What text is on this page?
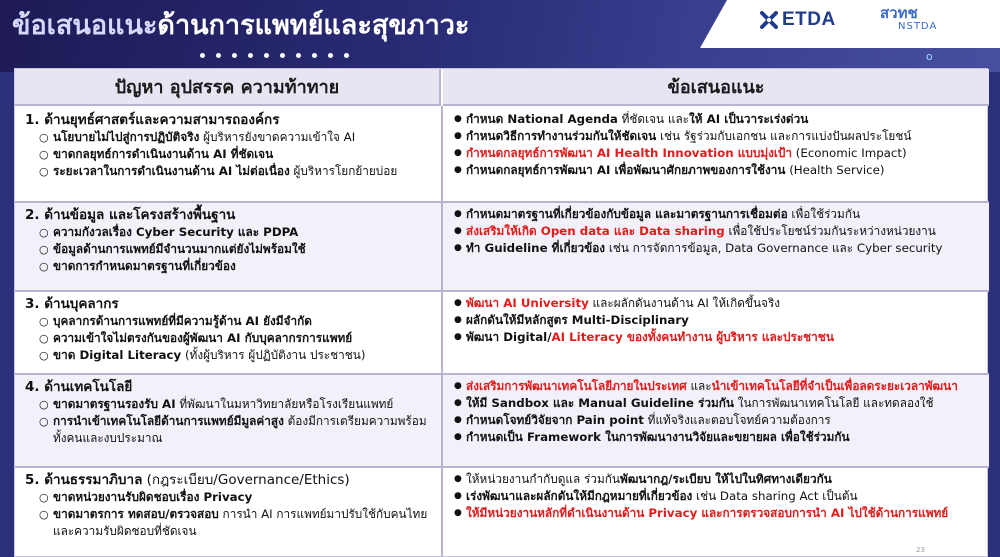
ข้อเสนอแนะด้านการแพทย์และสุขภาวะ
o
ETDA	สวทช
NSTDA
ปัญหา อุปสรรค ความท้าทาย	ข้อเสนอแนะ
1. ด้านยุทธ์ศาสตร์และความสามารถองค์กร
○ นโยบายไม่ไปสู่การปฏิบัติจริง ผู้บริหารยังขาดความเข้าใจ AI
○ ขาดกลยุทธ์การดำเนินงานด้าน AI ที่ชัดเจน
○ ระยะเวลาในการดำเนินงานด้าน AI ไม่ต่อเนื่อง ผู้บริหารโยกย้ายบ่อย
● กำหนด National Agenda ที่ชัดเจน และให้ AI เป็นวาระเร่งด่วน
● กำหนดวิธีการทำงานร่วมกันให้ชัดเจน เช่น รัฐร่วมกับเอกชน และการแบ่งปันผลประโยชน์
● กำหนดกลยุทธ์การพัฒนา AI Health Innovation แบบมุ่งเป้า (Economic Impact)
● กำหนดกลยุทธ์การพัฒนา AI เพื่อพัฒนาศักยภาพของการใช้งาน (Health Service)
2. ด้านข้อมูล และโครงสร้างพื้นฐาน
○ ความกังวลเรื่อง Cyber Security และ PDPA
○ ข้อมูลด้านการแพทย์มีจำนวนมากแต่ยังไม่พร้อมใช้
○ ขาดการกำหนดมาตรฐานที่เกี่ยวข้อง
● กำหนดมาตรฐานที่เกี่ยวข้องกับข้อมูล และมาตรฐานการเชื่อมต่อ เพื่อใช้ร่วมกัน
● ส่งเสริมให้เกิด Open data และ Data sharing เพื่อใช้ประโยชน์ร่วมกันระหว่างหน่วยงาน
● ทำ Guideline ที่เกี่ยวข้อง เช่น การจัดการข้อมูล, Data Governance และ Cyber security
3. ด้านบุคลากร
○ บุคลากรด้านการแพทย์ที่มีความรู้ด้าน AI ยังมีจำกัด
○ ความเข้าใจไม่ตรงกันของผู้พัฒนา AI กับบุคลากรการแพทย์
○ ขาด Digital Literacy (ทั้งผู้บริหาร ผู้ปฏิบัติงาน ประชาชน)
● พัฒนา AI University และผลักดันงานด้าน AI ให้เกิดขึ้นจริง
● ผลักดันให้มีหลักสูตร Multi-Disciplinary
● พัฒนา Digital/AI Literacy ของทั้งคนทำงาน ผู้บริหาร และประชาชน
4. ด้านเทคโนโลยี
○ ขาดมาตรฐานรองรับ AI ที่พัฒนาในมหาวิทยาลัยหรือโรงเรียนแพทย์
○ การนำเข้าเทคโนโลยีด้านการแพทย์มีมูลค่าสูง ต้องมีการเตรียมความพร้อมทั้งคนและงบประมาณ
● ส่งเสริมการพัฒนาเทคโนโลยีภายในประเทศ และนำเข้าเทคโนโลยีที่จำเป็นเพื่อลดระยะเวลาพัฒนา
● ให้มี Sandbox และ Manual Guideline ร่วมกัน ในการพัฒนาเทคโนโลยี และทดลองใช้
● กำหนดโจทย์วิจัยจาก Pain point ที่แท้จริงและตอบโจทย์ความต้องการ
● กำหนดเป็น Framework ในการพัฒนางานวิจัยและขยายผล เพื่อใช้ร่วมกัน
5. ด้านธรรมาภิบาล (กฎระเบียบ/Governance/Ethics)
○ ขาดหน่วยงานรับผิดชอบเรื่อง Privacy
○ ขาดมาตรการ ทดสอบ/ตรวจสอบ การนำ AI การแพทย์มาปรับใช้กับคนไทย และความรับผิดชอบที่ชัดเจน
● ให้หน่วยงานกำกับดูแล ร่วมกันพัฒนากฎ/ระเบียบ ให้ไปในทิศทางเดียวกัน
● เร่งพัฒนาและผลักดันให้มีกฎหมายที่เกี่ยวข้อง เช่น Data sharing Act เป็นต้น
● ให้มีหน่วยงานหลักที่ดำเนินงานด้าน Privacy และการตรวจสอบการนำ AI ไปใช้ด้านการแพทย์
23
